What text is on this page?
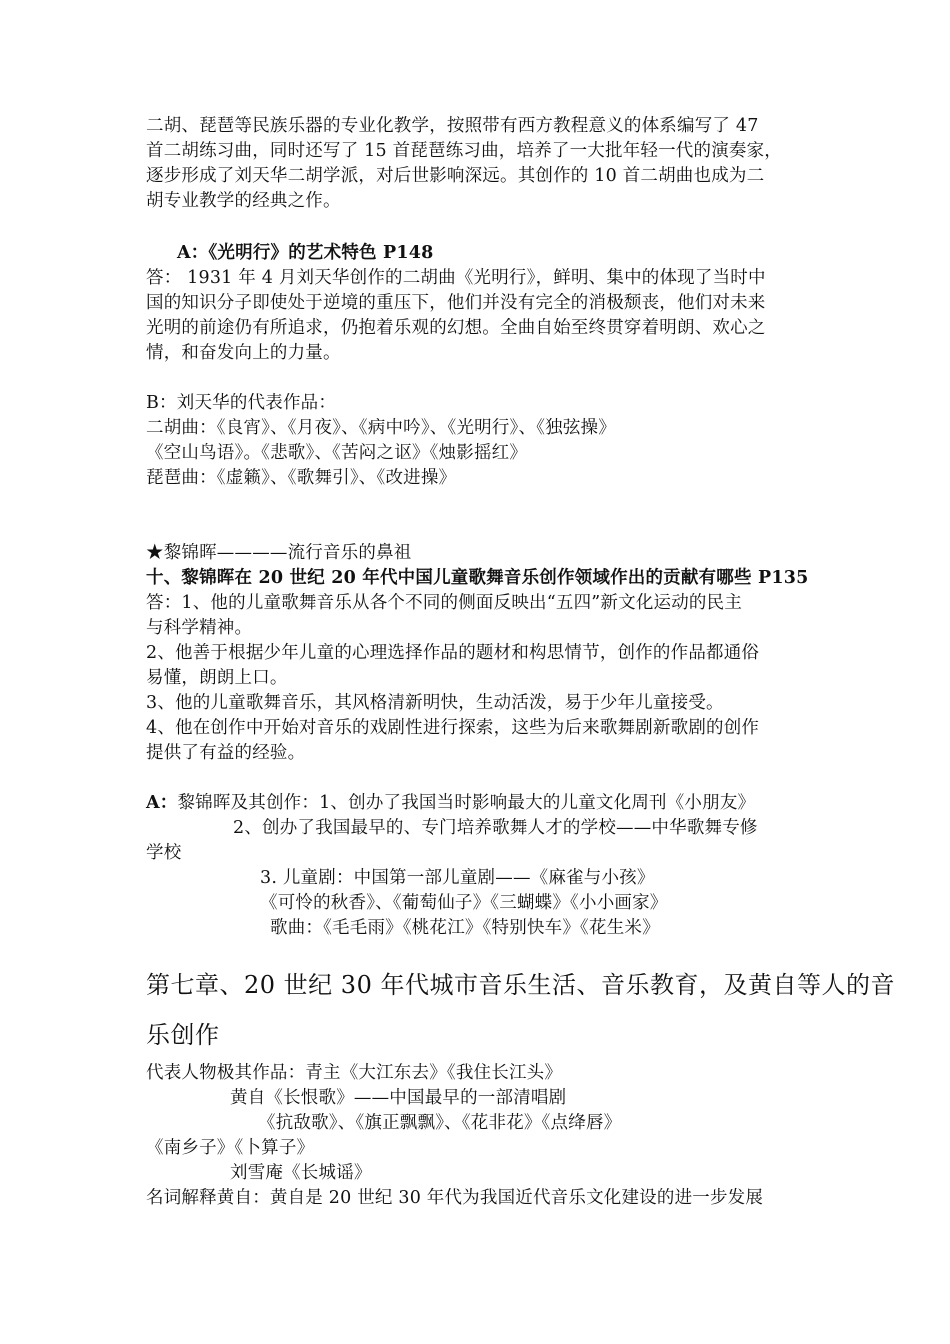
二胡、琵琶等民族乐器的专业化教学，按照带有西方教程意义的体系编写了 47
首二胡练习曲，同时还写了 15 首琵琶练习曲，培养了一大批年轻一代的演奏家，
逐步形成了刘天华二胡学派，对后世影响深远。其创作的 10 首二胡曲也成为二
胡专业教学的经典之作。
A：《光明行》的艺术特色 P148
答： 1931 年 4 月刘天华创作的二胡曲《光明行》，鲜明、集中的体现了当时中
国的知识分子即使处于逆境的重压下，他们并没有完全的消极颓丧，他们对未来
光明的前途仍有所追求，仍抱着乐观的幻想。全曲自始至终贯穿着明朗、欢心之
情，和奋发向上的力量。
B：刘天华的代表作品：
二胡曲：《良宵》、《月夜》、《病中吟》、《光明行》、《独弦操》
《空山鸟语》。《悲歌》、《苦闷之讴》《烛影摇红》
琵琶曲：《虚籁》、《歌舞引》、《改进操》
★黎锦晖————流行音乐的鼻祖
十、黎锦晖在 20 世纪 20 年代中国儿童歌舞音乐创作领域作出的贡献有哪些 P135
答：1、他的儿童歌舞音乐从各个不同的侧面反映出“五四”新文化运动的民主
与科学精神。
2、他善于根据少年儿童的心理选择作品的题材和构思情节，创作的作品都通俗
易懂，朗朗上口。
3、他的儿童歌舞音乐，其风格清新明快，生动活泼，易于少年儿童接受。
4、他在创作中开始对音乐的戏剧性进行探索，这些为后来歌舞剧新歌剧的创作
提供了有益的经验。
A：黎锦晖及其创作：1、创办了我国当时影响最大的儿童文化周刊《小朋友》
2、创办了我国最早的、专门培养歌舞人才的学校——中华歌舞专修
学校
3. 儿童剧：中国第一部儿童剧——《麻雀与小孩》
《可怜的秋香》、《葡萄仙子》《三蝴蝶》《小小画家》
歌曲：《毛毛雨》《桃花江》《特别快车》《花生米》
第七章、20 世纪 30 年代城市音乐生活、音乐教育，及黄自等人的音
乐创作
代表人物极其作品：青主《大江东去》《我住长江头》
黄自《长恨歌》——中国最早的一部清唱剧
《抗敌歌》、《旗正飘飘》、《花非花》《点绛唇》
《南乡子》《卜算子》
刘雪庵《长城谣》
名词解释黄自：黄自是 20 世纪 30 年代为我国近代音乐文化建设的进一步发展
